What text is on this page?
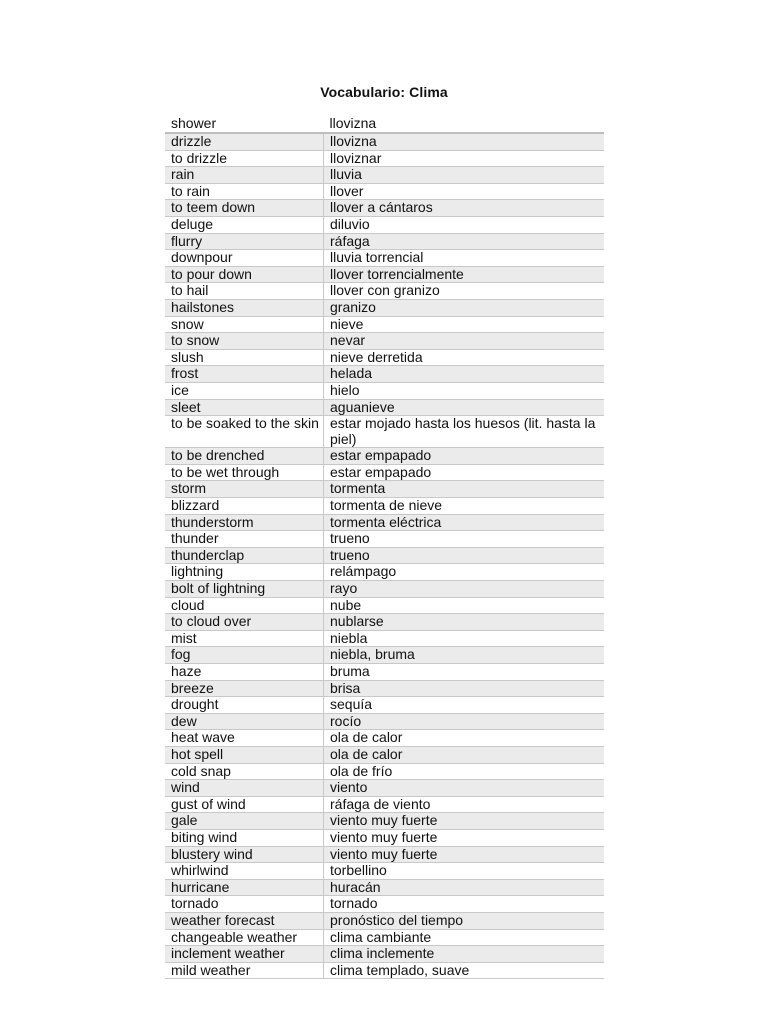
Vocabulario: Clima
shower	llovizna
drizzle	llovizna
to drizzle	lloviznar
rain	lluvia
to rain	llover
to teem down	llover a cántaros
deluge	diluvio
flurry	ráfaga
downpour	lluvia torrencial
to pour down	llover torrencialmente
to hail	llover con granizo
hailstones	granizo
snow	nieve
to snow	nevar
slush	nieve derretida
frost	helada
ice	hielo
sleet	aguanieve
to be soaked to the skin	estar mojado hasta los huesos (lit. hasta la piel)
to be drenched	estar empapado
to be wet through	estar empapado
storm	tormenta
blizzard	tormenta de nieve
thunderstorm	tormenta eléctrica
thunder	trueno
thunderclap	trueno
lightning	relámpago
bolt of lightning	rayo
cloud	nube
to cloud over	nublarse
mist	niebla
fog	niebla, bruma
haze	bruma
breeze	brisa
drought	sequía
dew	rocío
heat wave	ola de calor
hot spell	ola de calor
cold snap	ola de frío
wind	viento
gust of wind	ráfaga de viento
gale	viento muy fuerte
biting wind	viento muy fuerte
blustery wind	viento muy fuerte
whirlwind	torbellino
hurricane	huracán
tornado	tornado
weather forecast	pronóstico del tiempo
changeable weather	clima cambiante
inclement weather	clima inclemente
mild weather	clima templado, suave
